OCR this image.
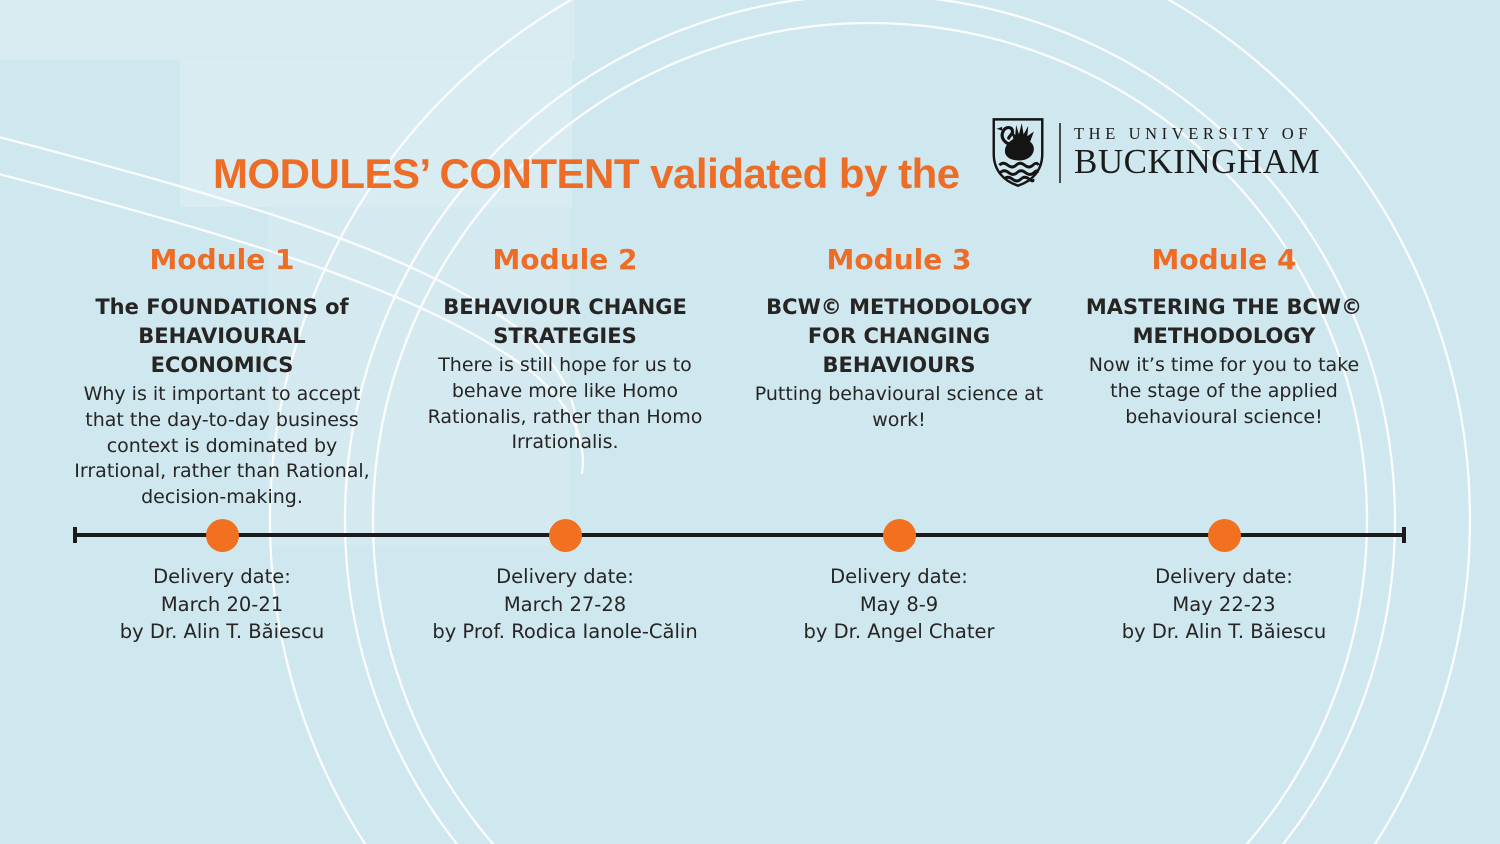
MODULES’ CONTENT validated by the
THE UNIVERSITY OF
BUCKINGHAM
Module 1
The FOUNDATIONS of BEHAVIOURAL ECONOMICS
Why is it important to accept that the day-to-day business context is dominated by Irrational, rather than Rational, decision-making.
Module 2
BEHAVIOUR CHANGE STRATEGIES
There is still hope for us to behave more like Homo Rationalis, rather than Homo Irrationalis.
Module 3
BCW© METHODOLOGY FOR CHANGING BEHAVIOURS
Putting behavioural science at work!
Module 4
MASTERING THE BCW© METHODOLOGY
Now it’s time for you to take the stage of the applied behavioural science!
Delivery date:
March 20-21
by Dr. Alin T. Băiescu
Delivery date:
March 27-28
by Prof. Rodica Ianole-Călin
Delivery date:
May 8-9
by Dr. Angel Chater
Delivery date:
May 22-23
by Dr. Alin T. Băiescu
